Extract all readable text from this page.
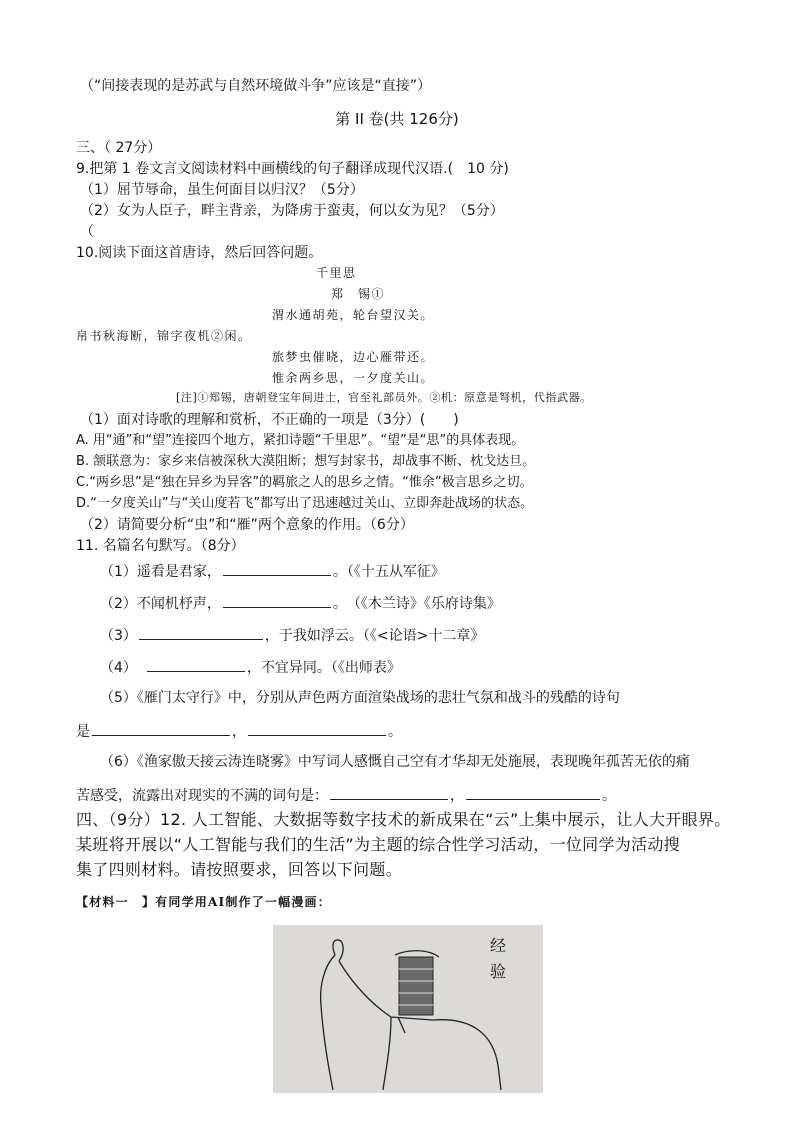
（“间接表现的是苏武与自然环境做斗争”应该是“直接”）
第 II 卷(共 126分)
三、（ 27分）
9.把第 1 卷文言文阅读材料中画横线的句子翻译成现代汉语.(　10 分)
（1）屈节辱命，虽生何面目以归汉？（5分）
（2）女为人臣子，畔主背亲，为降虏于蛮夷，何以女为见？（5分）
（
10.阅读下面这首唐诗，然后回答问题。
千里思
郑　锡①
渭水通胡苑，轮台望汉关。
帛书秋海断，锦字夜机②闲。
旅梦虫催晓，边心雁带还。
惟余两乡思，一夕度关山。
[注]①郑锡，唐朝登宝年间进士，官至礼部员外。②机：原意是弩机，代指武器。
（1）面对诗歌的理解和赏析，不正确的一项是（3分）(　　)
A. 用“通”和“望”连接四个地方，紧扣诗题“千里思”。“望”是“思”的具体表现。
B. 颔联意为：家乡来信被深秋大漠阻断；想写封家书，却战事不断、枕戈达旦。
C.“两乡思”是“独在异乡为异客”的羁旅之人的思乡之情。“惟余”极言思乡之切。
D.“一夕度关山”与“关山度若飞”都写出了迅速越过关山、立即奔赴战场的状态。
（2）请简要分析“虫”和“雁”两个意象的作用。（6分）
11. 名篇名句默写。（8分）
（1）遥看是君家，	。（《十五从军征》
（2）不闻机杼声，	。　（《木兰诗》《乐府诗集》
（3）	，于我如浮云。（《<论语>十二章》
（4）	，不宜异同。（《出师表》
（5）《雁门太守行》中，分别从声色两方面渲染战场的悲壮气氛和战斗的残酷的诗句
是	，	。
（6）《渔家傲天接云涛连晓雾》中写词人感慨自己空有才华却无处施展，表现晚年孤苦无依的痛
苦感受，流露出对现实的不满的词句是：	，	。
四、（9分）12. 人工智能、大数据等数字技术的新成果在“云”上集中展示，让人大开眼界。
某班将开展以“人工智能与我们的生活”为主题的综合性学习活动，一位同学为活动搜
集了四则材料。请按照要求，回答以下问题。
【材料一　】有同学用AI制作了一幅漫画：
经
验
